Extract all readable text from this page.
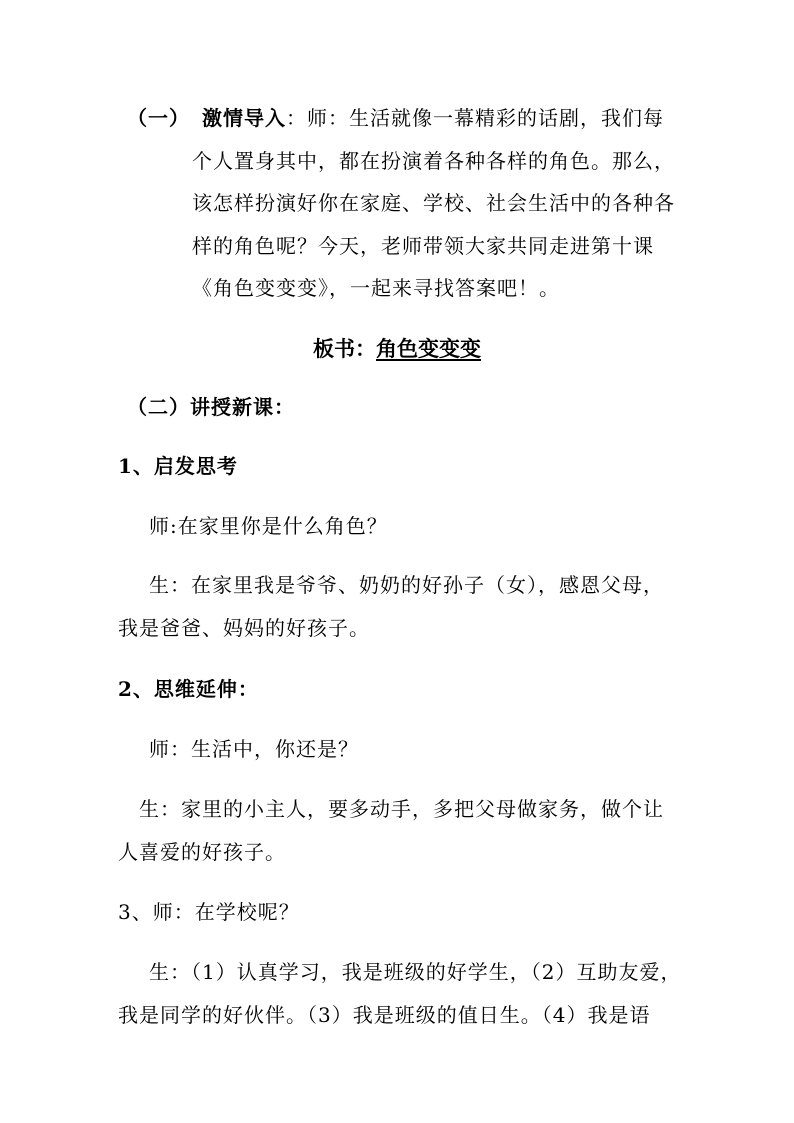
（一） 激情导入：师：生活就像一幕精彩的话剧，我们每
个人置身其中，都在扮演着各种各样的角色。那么，
该怎样扮演好你在家庭、学校、社会生活中的各种各
样的角色呢？今天，老师带领大家共同走进第十课
《角色变变变》，一起来寻找答案吧！。
板书：角色变变变
（二）讲授新课：
1、启发思考
师:在家里你是什么角色？
生：在家里我是爷爷、奶奶的好孙子（女），感恩父母，
我是爸爸、妈妈的好孩子。
2、思维延伸：
师：生活中，你还是？
生：家里的小主人，要多动手，多把父母做家务，做个让
人喜爱的好孩子。
3、师：在学校呢？
生：（1）认真学习，我是班级的好学生，（2）互助友爱，
我是同学的好伙伴。（3）我是班级的值日生。（4）我是语
